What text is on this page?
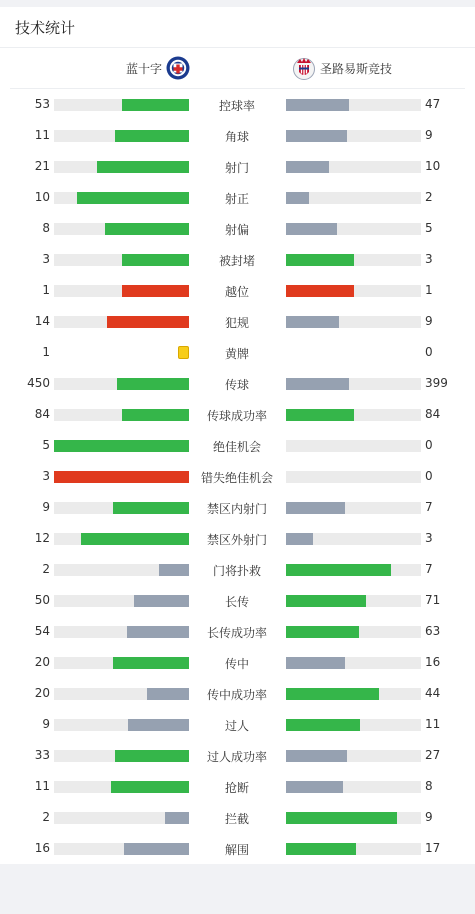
技术统计
蓝十字	圣路易斯竞技
53	控球率	47
11	角球	9
21	射门	10
10	射正	2
8	射偏	5
3	被封堵	3
1	越位	1
14	犯规	9
1	黄牌	0
450	传球	399
84	传球成功率	84
5	绝佳机会	0
3	错失绝佳机会	0
9	禁区内射门	7
12	禁区外射门	3
2	门将扑救	7
50	长传	71
54	长传成功率	63
20	传中	16
20	传中成功率	44
9	过人	11
33	过人成功率	27
11	抢断	8
2	拦截	9
16	解围	17
